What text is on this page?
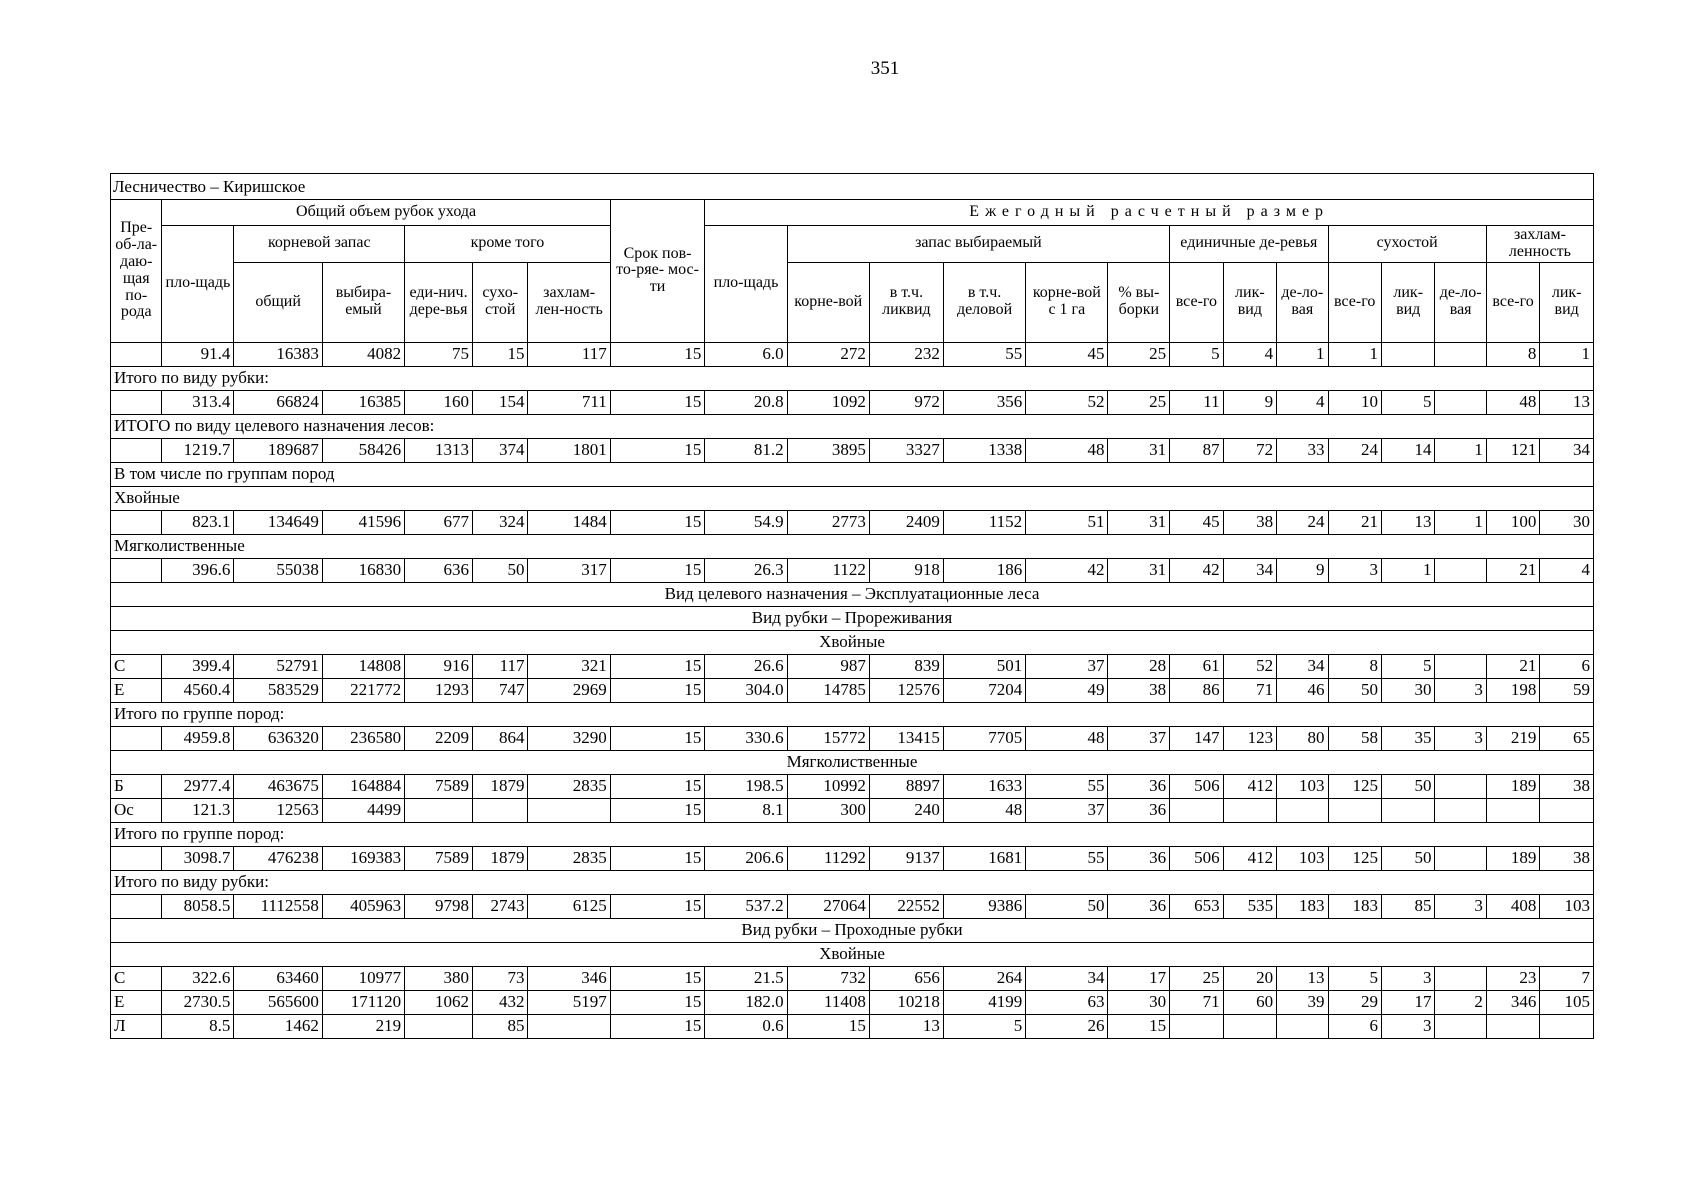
351
Лесничество – Киришское																					
Пре-об-ла-даю-щая по-рода	Общий объем рубок ухода						Срок пов- то-ряе- мос-ти	Ежегодный расчетный размер													
	пло-щадь	корневой запас		кроме того				пло-щадь	запас выбираемый					единичные де-ревья			сухостой			захлам-ленность	

		общий	выбира-емый	еди-нич. дере-вья	сухо-стой	захлам-лен-ность			корне-вой	в т.ч. ликвид	в т.ч. деловой	корне-вой с 1 га	% вы-борки	все-го	лик-вид	де-ло-вая	все-го	лик-вид	де-ло-вая	все-го	лик-вид
	91.4	16383	4082	75	15	117	15	6.0	272	232	55	45	25	5	4	1	1			8	1
Итого по виду рубки:																					
	313.4	66824	16385	160	154	711	15	20.8	1092	972	356	52	25	11	9	4	10	5		48	13
ИТОГО по виду целевого назначения лесов:																					
	1219.7	189687	58426	1313	374	1801	15	81.2	3895	3327	1338	48	31	87	72	33	24	14	1	121	34
В том числе по группам пород																					
Хвойные																					
	823.1	134649	41596	677	324	1484	15	54.9	2773	2409	1152	51	31	45	38	24	21	13	1	100	30
Мягколиственные																					
	396.6	55038	16830	636	50	317	15	26.3	1122	918	186	42	31	42	34	9	3	1		21	4
Вид целевого назначения – Эксплуатационные леса																					
Вид рубки – Прореживания																					
Хвойные																					
С	399.4	52791	14808	916	117	321	15	26.6	987	839	501	37	28	61	52	34	8	5		21	6
Е	4560.4	583529	221772	1293	747	2969	15	304.0	14785	12576	7204	49	38	86	71	46	50	30	3	198	59
Итого по группе пород:																					
	4959.8	636320	236580	2209	864	3290	15	330.6	15772	13415	7705	48	37	147	123	80	58	35	3	219	65
Мягколиственные																					
Б	2977.4	463675	164884	7589	1879	2835	15	198.5	10992	8897	1633	55	36	506	412	103	125	50		189	38
Ос	121.3	12563	4499				15	8.1	300	240	48	37	36								
Итого по группе пород:																					
	3098.7	476238	169383	7589	1879	2835	15	206.6	11292	9137	1681	55	36	506	412	103	125	50		189	38
Итого по виду рубки:																					
	8058.5	1112558	405963	9798	2743	6125	15	537.2	27064	22552	9386	50	36	653	535	183	183	85	3	408	103
Вид рубки – Проходные рубки																					
Хвойные																					
С	322.6	63460	10977	380	73	346	15	21.5	732	656	264	34	17	25	20	13	5	3		23	7
Е	2730.5	565600	171120	1062	432	5197	15	182.0	11408	10218	4199	63	30	71	60	39	29	17	2	346	105
Л	8.5	1462	219		85		15	0.6	15	13	5	26	15				6	3			
